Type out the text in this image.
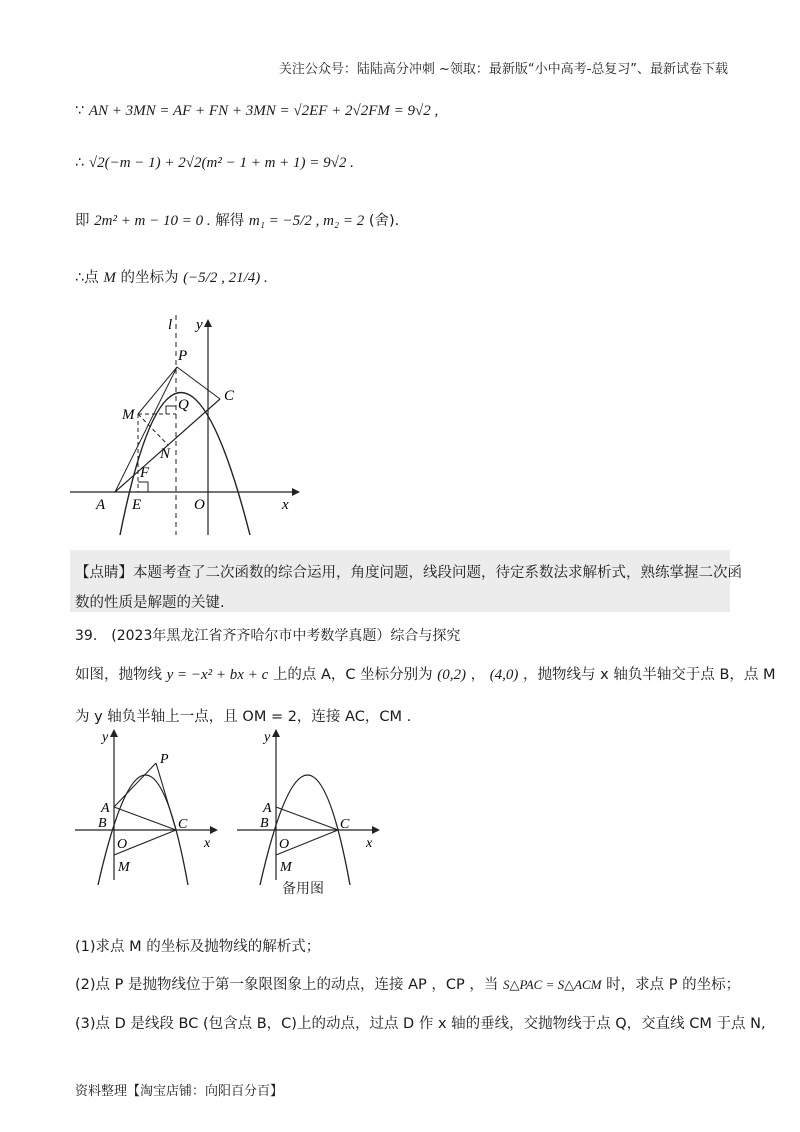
关注公众号：陆陆高分冲刺 ~领取：最新版“小中高考-总复习”、最新试卷下载
∵ AN + 3MN = AF + FN + 3MN = √2EF + 2√2FM = 9√2 ,
∴ √2(−m − 1) + 2√2(m² − 1 + m + 1) = 9√2 .
即 2m² + m − 10 = 0 . 解得 m₁ = −5/2 , m₂ = 2 (舍).
∴点 M 的坐标为 (−5/2 , 21/4) .
l y
P
C
M
Q
N
F
A E	O	x
【点睛】本题考查了二次函数的综合运用，角度问题，线段问题，待定系数法求解析式，熟练掌握二次函
数的性质是解题的关键.
39.　(2023年黑龙江省齐齐哈尔市中考数学真题）综合与探究
如图，抛物线 y = −x² + bx + c 上的点 A，C 坐标分别为 (0,2) ， (4,0) ，抛物线与 x 轴负半轴交于点 B，点 M
为 y 轴负半轴上一点，且 OM = 2，连接 AC，CM .
y
P
A
B	C
O
M
x
y
A
B	C
O
M
x
备用图
(1)求点 M 的坐标及抛物线的解析式；
(2)点 P 是抛物线位于第一象限图象上的动点，连接 AP ，CP ，当 S△PAC = S△ACM 时，求点 P 的坐标；
(3)点 D 是线段 BC (包含点 B，C)上的动点，过点 D 作 x 轴的垂线，交抛物线于点 Q，交直线 CM 于点 N,
资料整理【淘宝店铺：向阳百分百】
